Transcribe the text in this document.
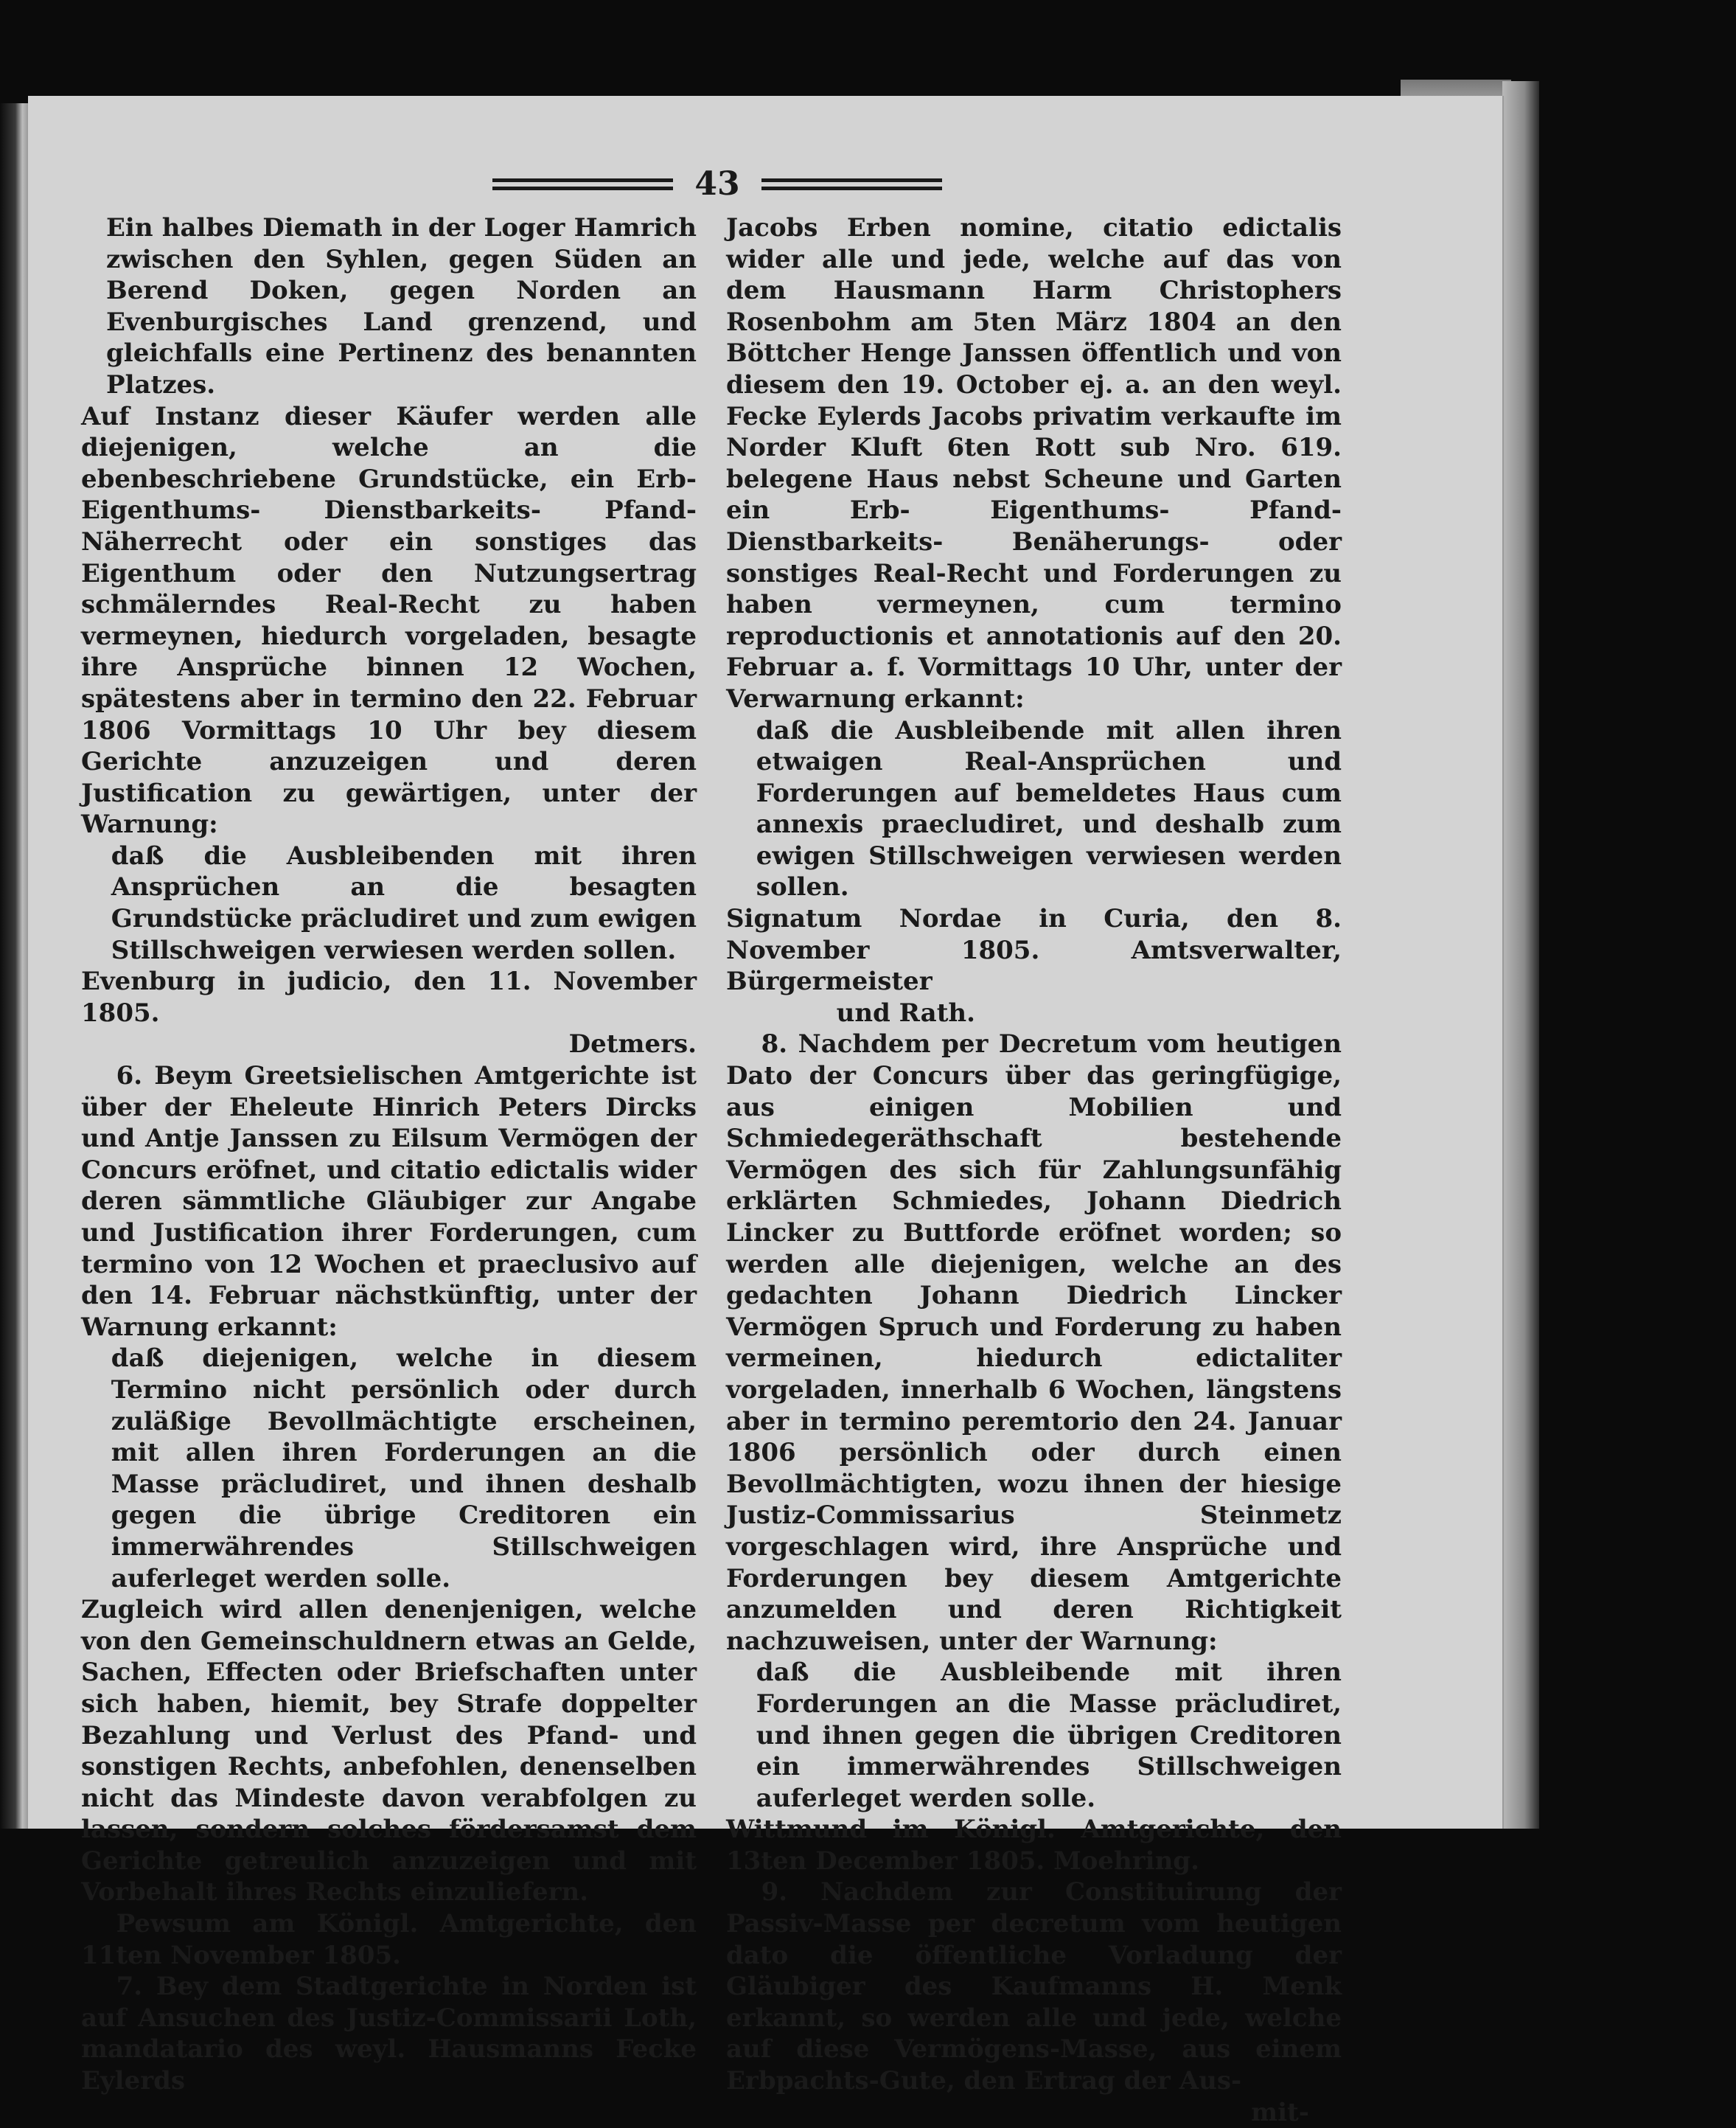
43

Ein halbes Diemath in der Loger Hamrich zwischen den Syhlen, gegen Süden an Berend Doken, gegen Norden an Evenburgisches Land grenzend, und gleichfalls eine Pertinenz des benannten Platzes.

Auf Instanz dieser Käufer werden alle diejenigen, welche an die ebenbeschriebene Grundstücke, ein Erb- Eigenthums- Dienstbarkeits- Pfand- Näherrecht oder ein sonstiges das Eigenthum oder den Nutzungsertrag schmälerndes Real-Recht zu haben vermeynen, hiedurch vorgeladen, besagte ihre Ansprüche binnen 12 Wochen, spätestens aber in termino den 22. Februar 1806 Vormittags 10 Uhr bey diesem Gerichte anzuzeigen und deren Justification zu gewärtigen, unter der Warnung:

daß die Ausbleibenden mit ihren Ansprüchen an die besagten Grundstücke präcludiret und zum ewigen Stillschweigen verwiesen werden sollen.

Evenburg in judicio, den 11. November 1805.

Detmers.

6. Beym Greetsielischen Amtgerichte ist über der Eheleute Hinrich Peters Dircks und Antje Janssen zu Eilsum Vermögen der Concurs eröfnet, und citatio edictalis wider deren sämmtliche Gläubiger zur Angabe und Justification ihrer Forderungen, cum termino von 12 Wochen et praeclusivo auf den 14. Februar nächstkünftig, unter der Warnung erkannt:

daß diejenigen, welche in diesem Termino nicht persönlich oder durch zuläßige Bevollmächtigte erscheinen, mit allen ihren Forderungen an die Masse präcludiret, und ihnen deshalb gegen die übrige Creditoren ein immerwährendes Stillschweigen auferleget werden solle.

Zugleich wird allen denenjenigen, welche von den Gemeinschuldnern etwas an Gelde, Sachen, Effecten oder Briefschaften unter sich haben, hiemit, bey Strafe doppelter Bezahlung und Verlust des Pfand- und sonstigen Rechts, anbefohlen, denenselben nicht das Mindeste davon verabfolgen zu lassen, sondern solches fördersamst dem Gerichte getreulich anzuzeigen und mit Vorbehalt ihres Rechts einzuliefern.

Pewsum am Königl. Amtgerichte, den 11ten November 1805.

7. Bey dem Stadtgerichte in Norden ist auf Ansuchen des Justiz-Commissarii Loth, mandatario des weyl. Hausmanns Fecke Eylerds

Jacobs Erben nomine, citatio edictalis wider alle und jede, welche auf das von dem Hausmann Harm Christophers Rosenbohm am 5ten März 1804 an den Böttcher Henge Janssen öffentlich und von diesem den 19. October ej. a. an den weyl. Fecke Eylerds Jacobs privatim verkaufte im Norder Kluft 6ten Rott sub Nro. 619. belegene Haus nebst Scheune und Garten ein Erb- Eigenthums- Pfand- Dienstbarkeits- Benäherungs- oder sonstiges Real-Recht und Forderungen zu haben vermeynen, cum termino reproductionis et annotationis auf den 20. Februar a. f. Vormittags 10 Uhr, unter der Verwarnung erkannt:

daß die Ausbleibende mit allen ihren etwaigen Real-Ansprüchen und Forderungen auf bemeldetes Haus cum annexis praecludiret, und deshalb zum ewigen Stillschweigen verwiesen werden sollen.

Signatum Nordae in Curia, den 8. November 1805. Amtsverwalter, Bürgermeister

und Rath.

8. Nachdem per Decretum vom heutigen Dato der Concurs über das geringfügige, aus einigen Mobilien und Schmiedegeräthschaft bestehende Vermögen des sich für Zahlungsunfähig erklärten Schmiedes, Johann Diedrich Lincker zu Buttforde eröfnet worden; so werden alle diejenigen, welche an des gedachten Johann Diedrich Lincker Vermögen Spruch und Forderung zu haben vermeinen, hiedurch edictaliter vorgeladen, innerhalb 6 Wochen, längstens aber in termino peremtorio den 24. Januar 1806 persönlich oder durch einen Bevollmächtigten, wozu ihnen der hiesige Justiz-Commissarius Steinmetz vorgeschlagen wird, ihre Ansprüche und Forderungen bey diesem Amtgerichte anzumelden und deren Richtigkeit nachzuweisen, unter der Warnung:

daß die Ausbleibende mit ihren Forderungen an die Masse präcludiret, und ihnen gegen die übrigen Creditoren ein immerwährendes Stillschweigen auferleget werden solle.

Wittmund im Königl. Amtgerichte, den 13ten December 1805. Moehring.

9. Nachdem zur Constituirung der Passiv-Masse per decretum vom heutigen dato die öffentliche Vorladung der Gläubiger des Kaufmanns H. Menk erkannt, so werden alle und jede, welche auf diese Vermögens-Masse, aus einem Erbpachts-Gute, den Ertrag der Aus-

mit-
